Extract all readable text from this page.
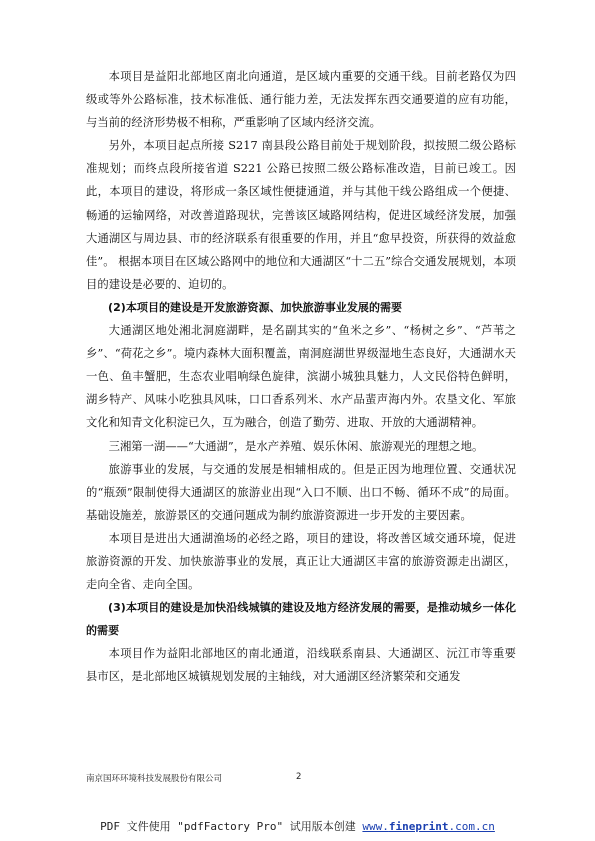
本项目是益阳北部地区南北向通道，是区域内重要的交通干线。目前老路仅为四级或等外公路标准，技术标准低、通行能力差，无法发挥东西交通要道的应有功能，与当前的经济形势极不相称，严重影响了区域内经济交流。

另外，本项目起点所接 S217 南县段公路目前处于规划阶段，拟按照二级公路标准规划；而终点段所接省道 S221 公路已按照二级公路标准改造，目前已竣工。因此，本项目的建设，将形成一条区域性便捷通道，并与其他干线公路组成一个便捷、畅通的运输网络，对改善道路现状，完善该区域路网结构，促进区域经济发展，加强大通湖区与周边县、市的经济联系有很重要的作用，并且“愈早投资，所获得的效益愈佳”。 根据本项目在区域公路网中的地位和大通湖区“十二五”综合交通发展规划，本项目的建设是必要的、迫切的。

(2)本项目的建设是开发旅游资源、加快旅游事业发展的需要

大通湖区地处湘北洞庭湖畔，是名副其实的“鱼米之乡”、“杨树之乡”、“芦苇之乡”、“荷花之乡”。境内森林大面积覆盖，南洞庭湖世界级湿地生态良好，大通湖水天一色、鱼丰蟹肥，生态农业唱响绿色旋律，滨湖小城独具魅力，人文民俗特色鲜明，湖乡特产、风味小吃独具风味，口口香系列米、水产品蜚声海内外。农垦文化、军旅文化和知青文化积淀已久，互为融合，创造了勤劳、进取、开放的大通湖精神。

三湘第一湖——“大通湖”，是水产养殖、娱乐休闲、旅游观光的理想之地。

旅游事业的发展，与交通的发展是相辅相成的。但是正因为地理位置、交通状况的“瓶颈”限制使得大通湖区的旅游业出现“入口不顺、出口不畅、循环不成”的局面。基础设施差，旅游景区的交通问题成为制约旅游资源进一步开发的主要因素。

本项目是进出大通湖渔场的必经之路，项目的建设，将改善区域交通环境，促进旅游资源的开发、加快旅游事业的发展，真正让大通湖区丰富的旅游资源走出湖区，走向全省、走向全国。

(3)本项目的建设是加快沿线城镇的建设及地方经济发展的需要，是推动城乡一体化的需要

本项目作为益阳北部地区的南北通道，沿线联系南县、大通湖区、沅江市等重要县市区，是北部地区城镇规划发展的主轴线，对大通湖区经济繁荣和交通发

南京国环环境科技发展股份有限公司	2
PDF 文件使用 "pdfFactory Pro" 试用版本创建 www.fineprint.com.cn
